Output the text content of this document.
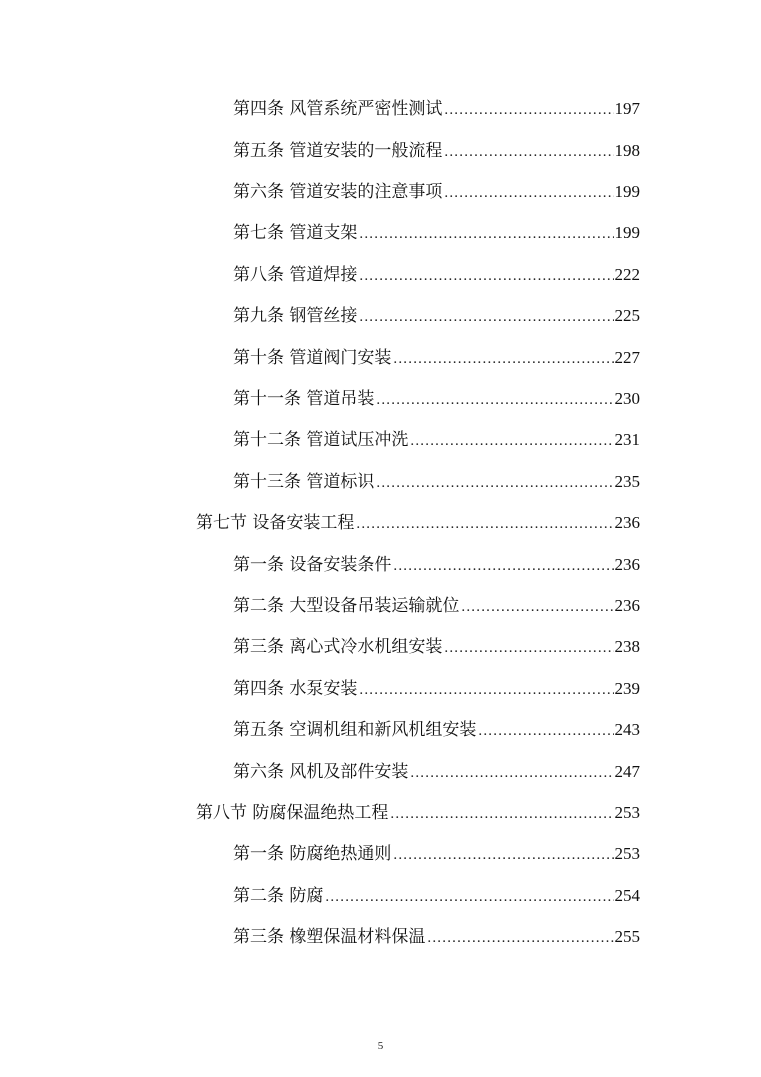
第四条 风管系统严密性测试 .....	197
第五条 管道安装的一般流程 .....	198
第六条 管道安装的注意事项 .....	199
第七条 管道支架 .....	199
第八条 管道焊接 .....	222
第九条 钢管丝接 .....	225
第十条 管道阀门安装 .....	227
第十一条 管道吊装 .....	230
第十二条 管道试压冲洗 .....	231
第十三条 管道标识 .....	235
第七节 设备安装工程 .....	236
第一条 设备安装条件 .....	236
第二条 大型设备吊装运输就位 .....	236
第三条 离心式冷水机组安装 .....	238
第四条 水泵安装 .....	239
第五条 空调机组和新风机组安装 .....	243
第六条 风机及部件安装 .....	247
第八节 防腐保温绝热工程 .....	253
第一条 防腐绝热通则 .....	253
第二条 防腐 .....	254
第三条 橡塑保温材料保温 .....	255
5
